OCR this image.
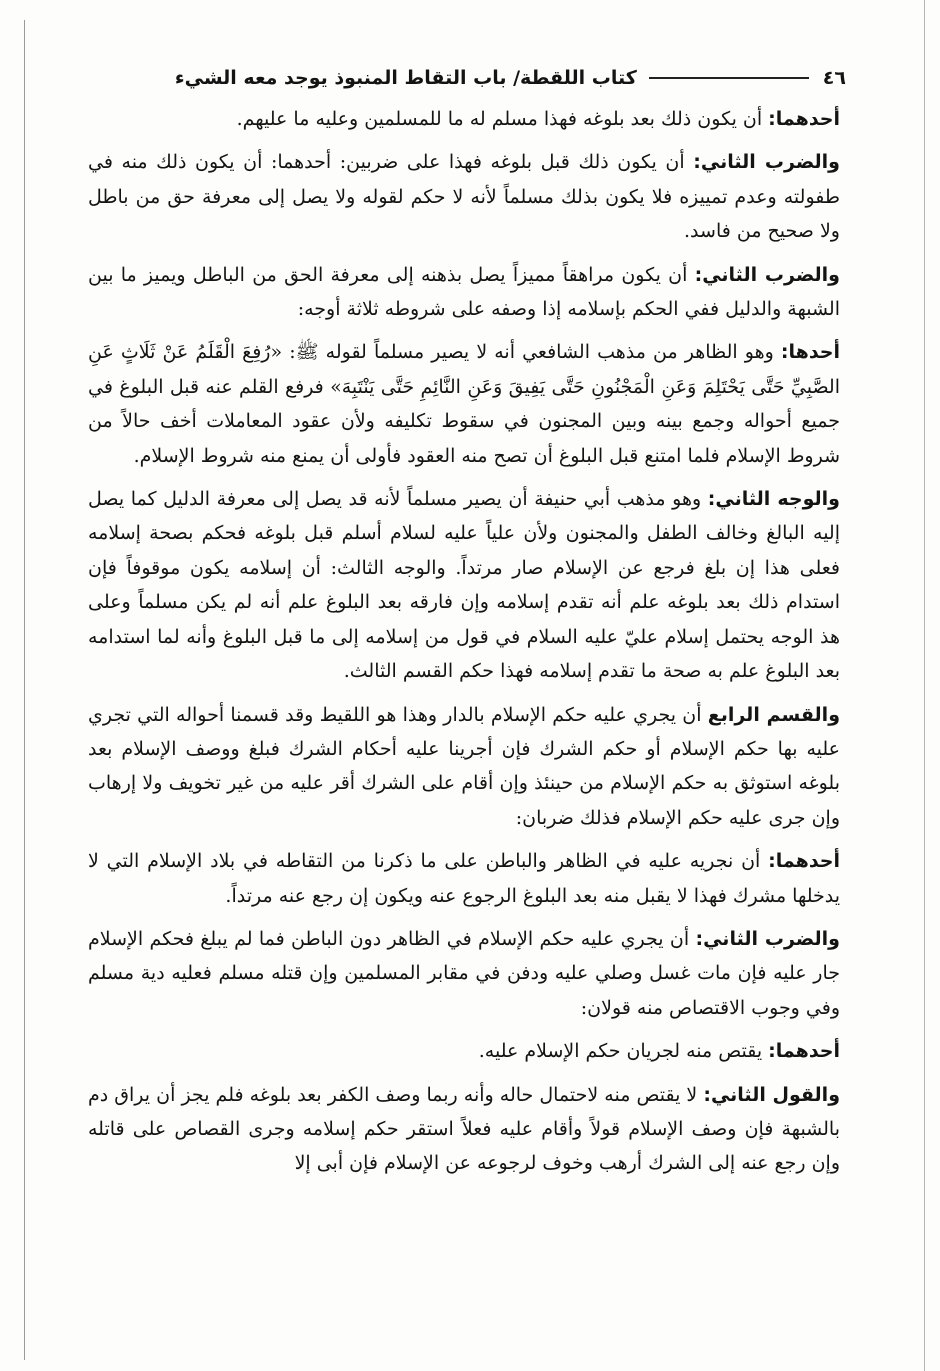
٤٦
كتاب اللقطة/ باب التقاط المنبوذ يوجد معه الشيء

أحدهما: أن يكون ذلك بعد بلوغه فهذا مسلم له ما للمسلمين وعليه ما عليهم.

والضرب الثاني: أن يكون ذلك قبل بلوغه فهذا على ضربين: أحدهما: أن يكون ذلك منه في طفولته وعدم تمييزه فلا يكون بذلك مسلماً لأنه لا حكم لقوله ولا يصل إلى معرفة حق من باطل ولا صحيح من فاسد.

والضرب الثاني: أن يكون مراهقاً مميزاً يصل بذهنه إلى معرفة الحق من الباطل ويميز ما بين الشبهة والدليل ففي الحكم بإسلامه إذا وصفه على شروطه ثلاثة أوجه:

أحدها: وهو الظاهر من مذهب الشافعي أنه لا يصير مسلماً لقوله ﷺ: «رُفِعَ الْقَلَمُ عَنْ ثَلَاثٍ عَنِ الصَّبِيِّ حَتَّى يَحْتَلِمَ وَعَنِ الْمَجْنُونِ حَتَّى يَفِيقَ وَعَنِ النَّائِمِ حَتَّى يَنْتَبِهَ» فرفع القلم عنه قبل البلوغ في جميع أحواله وجمع بينه وبين المجنون في سقوط تكليفه ولأن عقود المعاملات أخف حالاً من شروط الإسلام فلما امتنع قبل البلوغ أن تصح منه العقود فأولى أن يمنع منه شروط الإسلام.

والوجه الثاني: وهو مذهب أبي حنيفة أن يصير مسلماً لأنه قد يصل إلى معرفة الدليل كما يصل إليه البالغ وخالف الطفل والمجنون ولأن علياً عليه لسلام أسلم قبل بلوغه فحكم بصحة إسلامه فعلى هذا إن بلغ فرجع عن الإسلام صار مرتداً. والوجه الثالث: أن إسلامه يكون موقوفاً فإن استدام ذلك بعد بلوغه علم أنه تقدم إسلامه وإن فارقه بعد البلوغ علم أنه لم يكن مسلماً وعلى هذ الوجه يحتمل إسلام عليّ عليه السلام في قول من إسلامه إلى ما قبل البلوغ وأنه لما استدامه بعد البلوغ علم به صحة ما تقدم إسلامه فهذا حكم القسم الثالث.

والقسم الرابع أن يجري عليه حكم الإسلام بالدار وهذا هو اللقيط وقد قسمنا أحواله التي تجري عليه بها حكم الإسلام أو حكم الشرك فإن أجرينا عليه أحكام الشرك فبلغ ووصف الإسلام بعد بلوغه استوثق به حكم الإسلام من حينئذ وإن أقام على الشرك أقر عليه من غير تخويف ولا إرهاب وإن جرى عليه حكم الإسلام فذلك ضربان:

أحدهما: أن نجريه عليه في الظاهر والباطن على ما ذكرنا من التقاطه في بلاد الإسلام التي لا يدخلها مشرك فهذا لا يقبل منه بعد البلوغ الرجوع عنه ويكون إن رجع عنه مرتداً.

والضرب الثاني: أن يجري عليه حكم الإسلام في الظاهر دون الباطن فما لم يبلغ فحكم الإسلام جار عليه فإن مات غسل وصلي عليه ودفن في مقابر المسلمين وإن قتله مسلم فعليه دية مسلم وفي وجوب الاقتصاص منه قولان:

أحدهما: يقتص منه لجريان حكم الإسلام عليه.

والقول الثاني: لا يقتص منه لاحتمال حاله وأنه ربما وصف الكفر بعد بلوغه فلم يجز أن يراق دم بالشبهة فإن وصف الإسلام قولاً وأقام عليه فعلاً استقر حكم إسلامه وجرى القصاص على قاتله وإن رجع عنه إلى الشرك أرهب وخوف لرجوعه عن الإسلام فإن أبى إلا
